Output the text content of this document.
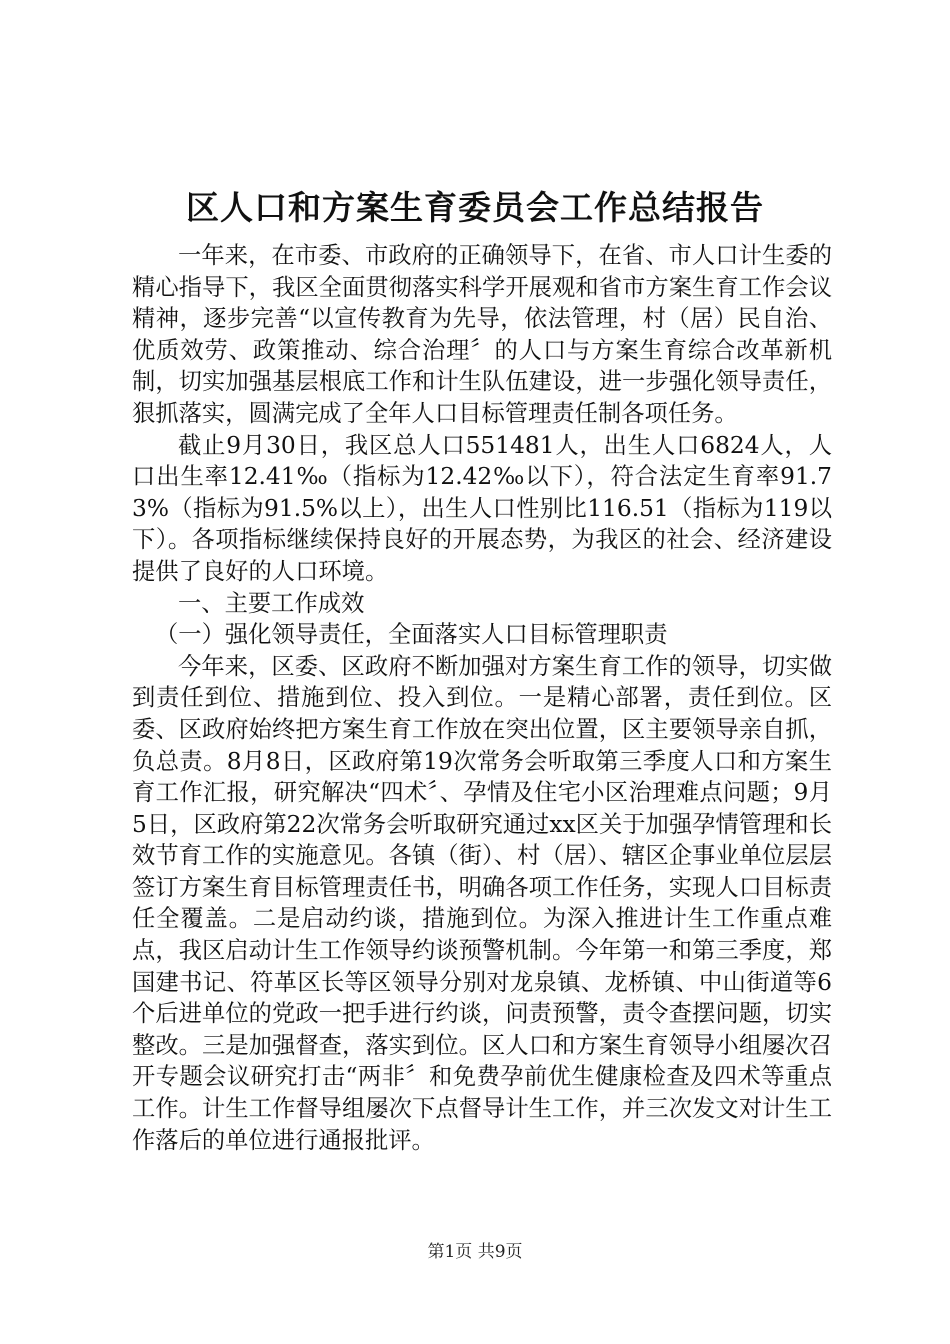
区人口和方案生育委员会工作总结报告

一年来，在市委、市政府的正确领导下，在省、市人口计生委的精心指导下，我区全面贯彻落实科学开展观和省市方案生育工作会议精神，逐步完善“以宣传教育为先导，依法管理，村（居）民自治、优质效劳、政策推动、综合治理〞的人口与方案生育综合改革新机制，切实加强基层根底工作和计生队伍建设，进一步强化领导责任，狠抓落实，圆满完成了全年人口目标管理责任制各项任务。

截止9月30日，我区总人口551481人，出生人口6824人，人口出生率12.41‰（指标为12.42‰以下），符合法定生育率91.73%（指标为91.5%以上），出生人口性别比116.51（指标为119以下）。各项指标继续保持良好的开展态势，为我区的社会、经济建设提供了良好的人口环境。

一、主要工作成效

（一）强化领导责任，全面落实人口目标管理职责

今年来，区委、区政府不断加强对方案生育工作的领导，切实做到责任到位、措施到位、投入到位。一是精心部署，责任到位。区委、区政府始终把方案生育工作放在突出位置，区主要领导亲自抓，负总责。8月8日，区政府第19次常务会听取第三季度人口和方案生育工作汇报，研究解决“四术〞、孕情及住宅小区治理难点问题；9月5日，区政府第22次常务会听取研究通过xx区关于加强孕情管理和长效节育工作的实施意见。各镇（街）、村（居）、辖区企事业单位层层签订方案生育目标管理责任书，明确各项工作任务，实现人口目标责任全覆盖。二是启动约谈，措施到位。为深入推进计生工作重点难点，我区启动计生工作领导约谈预警机制。今年第一和第三季度，郑国建书记、符革区长等区领导分别对龙泉镇、龙桥镇、中山街道等6个后进单位的党政一把手进行约谈，问责预警，责令查摆问题，切实整改。三是加强督查，落实到位。区人口和方案生育领导小组屡次召开专题会议研究打击“两非〞和免费孕前优生健康检查及四术等重点工作。计生工作督导组屡次下点督导计生工作，并三次发文对计生工作落后的单位进行通报批评。

第1页 共9页
